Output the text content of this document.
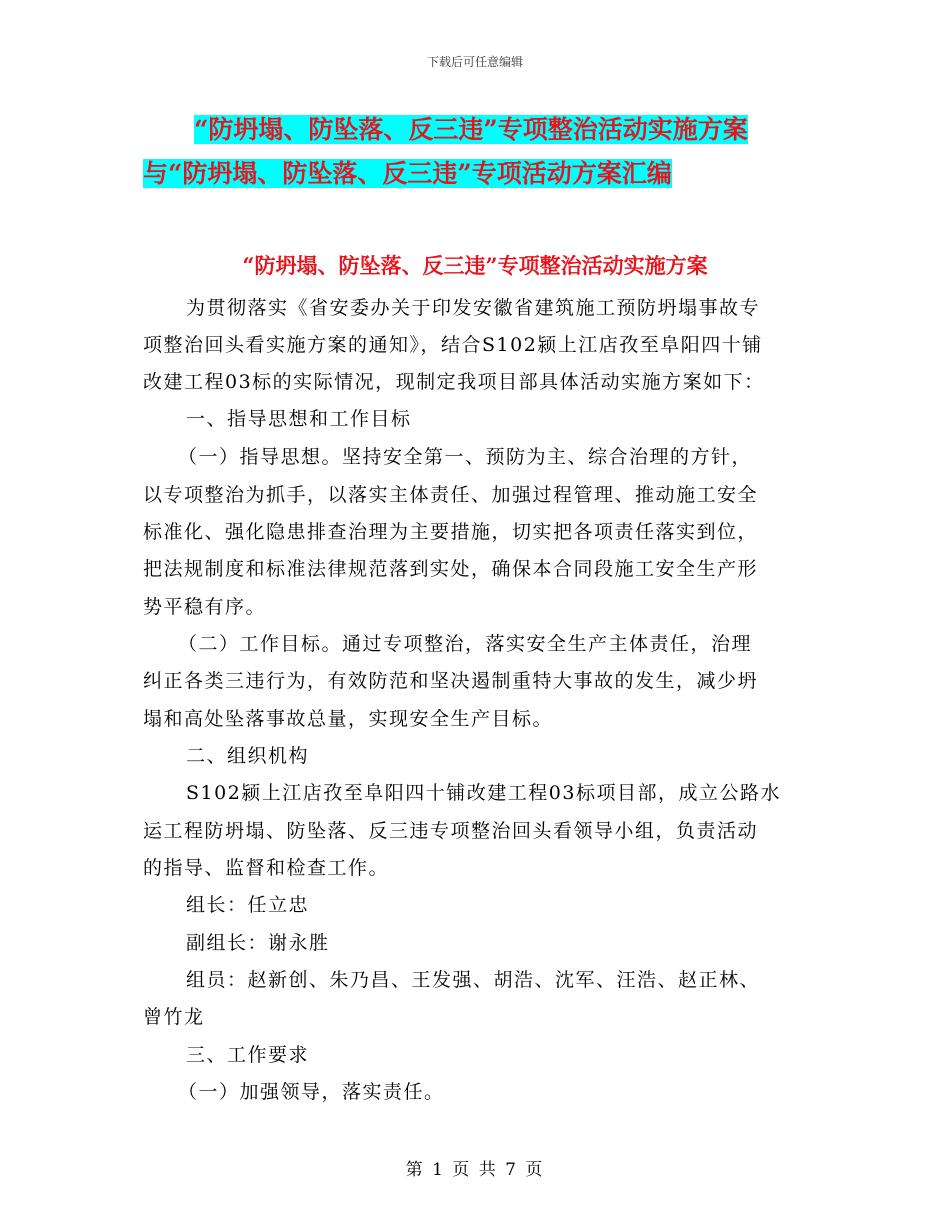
下载后可任意编辑
“防坍塌、防坠落、反三违”专项整治活动实施方案
与“防坍塌、防坠落、反三违”专项活动方案汇编
“防坍塌、防坠落、反三违”专项整治活动实施方案
为贯彻落实《省安委办关于印发安徽省建筑施工预防坍塌事故专
项整治回头看实施方案的通知》，结合S102颍上江店孜至阜阳四十铺
改建工程03标的实际情况，现制定我项目部具体活动实施方案如下：
一、指导思想和工作目标
（一）指导思想。坚持安全第一、预防为主、综合治理的方针，
以专项整治为抓手，以落实主体责任、加强过程管理、推动施工安全
标准化、强化隐患排查治理为主要措施，切实把各项责任落实到位，
把法规制度和标准法律规范落到实处，确保本合同段施工安全生产形
势平稳有序。
（二）工作目标。通过专项整治，落实安全生产主体责任，治理
纠正各类三违行为，有效防范和坚决遏制重特大事故的发生，减少坍
塌和高处坠落事故总量，实现安全生产目标。
二、组织机构
S102颍上江店孜至阜阳四十铺改建工程03标项目部，成立公路水
运工程防坍塌、防坠落、反三违专项整治回头看领导小组，负责活动
的指导、监督和检查工作。
组长：任立忠
副组长：谢永胜
组员：赵新创、朱乃昌、王发强、胡浩、沈军、汪浩、赵正林、
曾竹龙
三、工作要求
（一）加强领导，落实责任。
第 1 页 共 7 页
